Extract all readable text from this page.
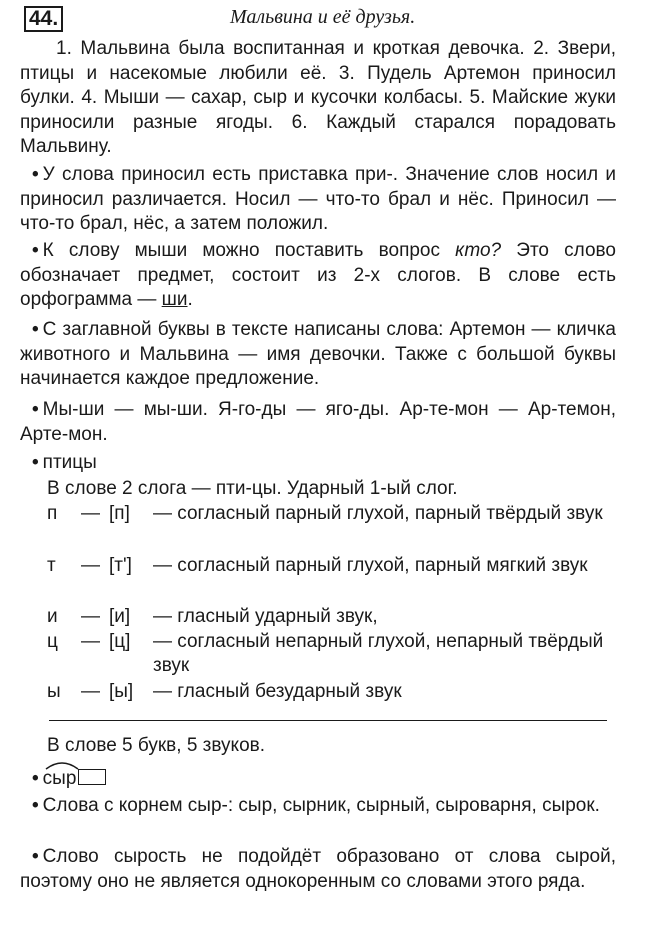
44.	Мальвина и её друзья.
1. Мальвина была воспитанная и кроткая девочка. 2. Звери, птицы и насекомые любили её. 3. Пудель Артемон приносил булки. 4. Мыши — сахар, сыр и кусочки колбасы. 5. Майские жуки приносили разные ягоды. 6. Каждый старался порадовать Мальвину.
• У слова приносил есть приставка при-. Значение слов носил и приносил различается. Носил — что-то брал и нёс. Приносил — что-то брал, нёс, а затем положил.
• К слову мыши можно поставить вопрос кто? Это слово обозначает предмет, состоит из 2-х слогов. В слове есть орфограмма — ши.
• С заглавной буквы в тексте написаны слова: Артемон — кличка животного и Мальвина — имя девочки. Также с большой буквы начинается каждое предложение.
• Мы-ши — мы-ши. Я-го-ды — яго-ды. Ар-те-мон — Ар-темон, Арте-мон.
• птицы
В слове 2 слога — пти-цы. Ударный 1-ый слог.
п	— [п] — согласный парный глухой, парный твёрдый звук
т	— [т'] — согласный парный глухой, парный мягкий звук
и	— [и] — гласный ударный звук,
ц	— [ц] — согласный непарный глухой, непарный твёрдый звук
ы	— [ы] — гласный безударный звук
В слове 5 букв, 5 звуков.
• сыр
• Слова с корнем сыр-: сыр, сырник, сырный, сыроварня, сырок.
• Слово сырость не подойдёт образовано от слова сырой, поэтому оно не является однокоренным со словами этого ряда.
